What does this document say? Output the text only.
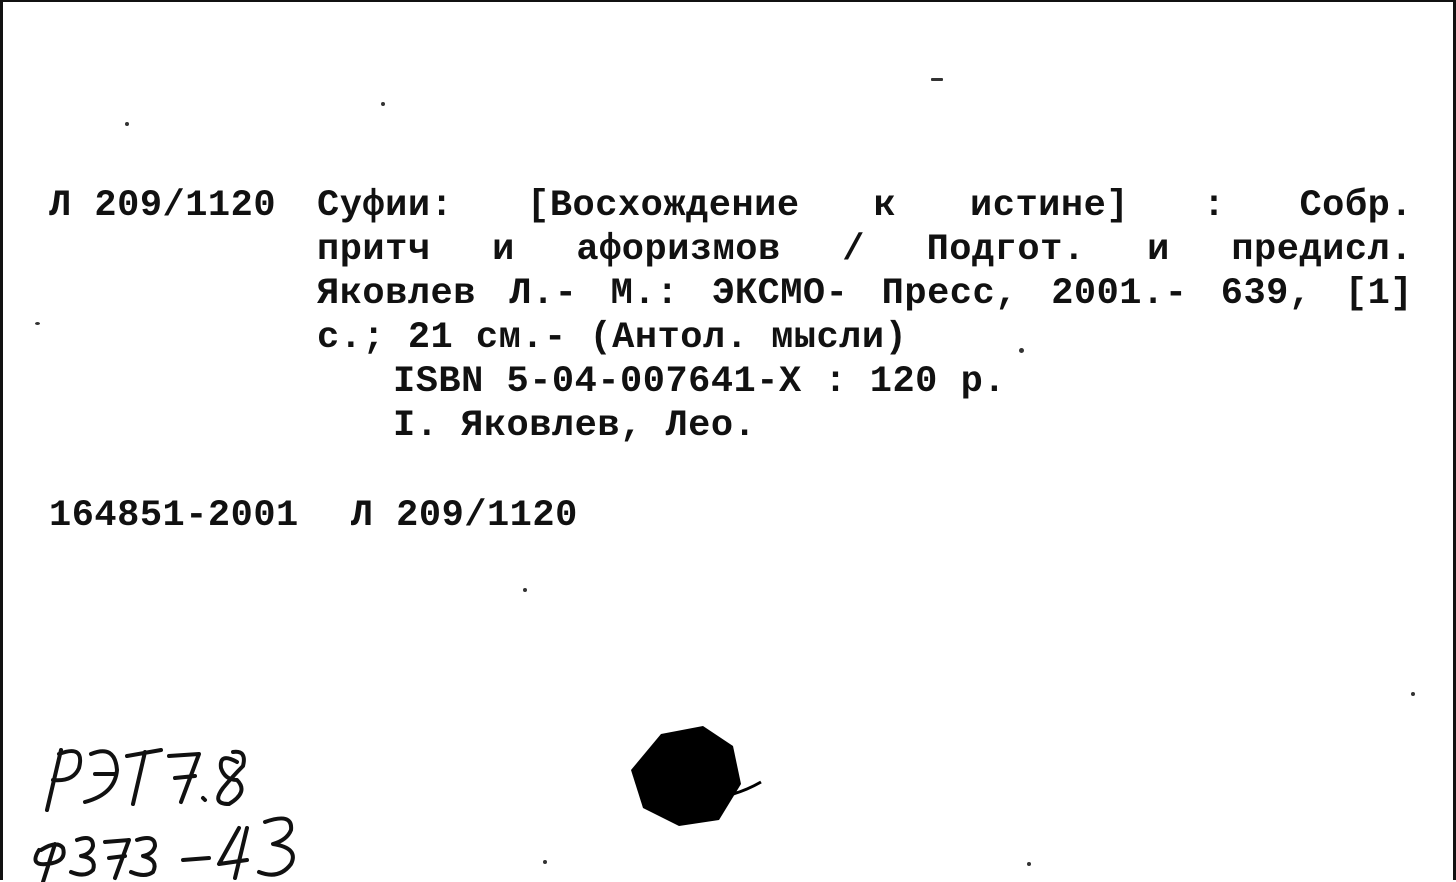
Л 209/1120 Суфии: [Восхождение к истине] : Собр.
притч и афоризмов / Подгот. и предисл.
Яковлев Л.- М.: ЭКСМО- Пресс, 2001.- 639, [1]
с.; 21 см.- (Антол. мысли)
ISBN 5-04-007641-X : 120 р.
I. Яковлев, Лео.
164851-2001 Л 209/1120
